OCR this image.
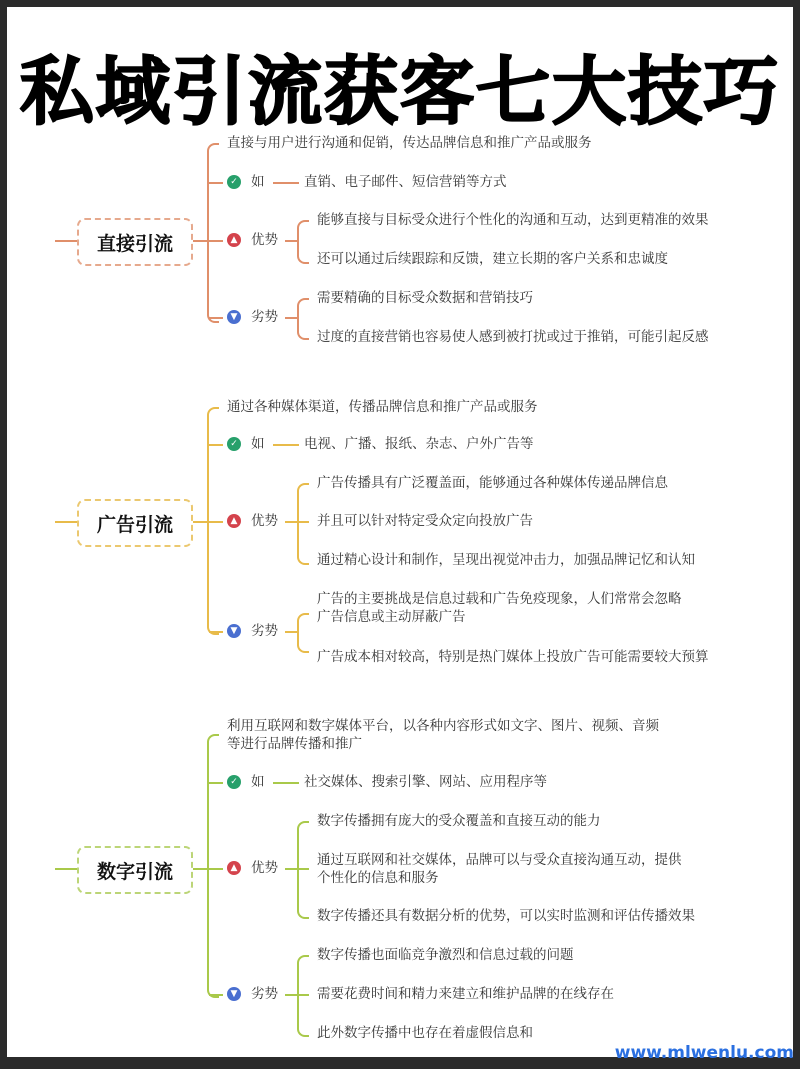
私域引流获客七大技巧
直接引流
直接与用户进行沟通和促销，传达品牌信息和推广产品或服务
✓ 如	直销、电子邮件、短信营销等方式
▲ 优势
能够直接与目标受众进行个性化的沟通和互动，达到更精准的效果
还可以通过后续跟踪和反馈，建立长期的客户关系和忠诚度
▼ 劣势
需要精确的目标受众数据和营销技巧
过度的直接营销也容易使人感到被打扰或过于推销，可能引起反感
广告引流
通过各种媒体渠道，传播品牌信息和推广产品或服务
✓ 如	电视、广播、报纸、杂志、户外广告等
▲ 优势
广告传播具有广泛覆盖面，能够通过各种媒体传递品牌信息
并且可以针对特定受众定向投放广告
通过精心设计和制作，呈现出视觉冲击力，加强品牌记忆和认知
▼ 劣势
广告的主要挑战是信息过载和广告免疫现象，人们常常会忽略
广告信息或主动屏蔽广告
广告成本相对较高，特别是热门媒体上投放广告可能需要较大预算
数字引流
利用互联网和数字媒体平台，以各种内容形式如文字、图片、视频、音频
等进行品牌传播和推广
✓ 如	社交媒体、搜索引擎、网站、应用程序等
▲ 优势
数字传播拥有庞大的受众覆盖和直接互动的能力
通过互联网和社交媒体，品牌可以与受众直接沟通互动，提供
个性化的信息和服务
数字传播还具有数据分析的优势，可以实时监测和评估传播效果
▼ 劣势
数字传播也面临竞争激烈和信息过载的问题
需要花费时间和精力来建立和维护品牌的在线存在
此外数字传播中也存在着虚假信息和
www.mlwenlu.com
